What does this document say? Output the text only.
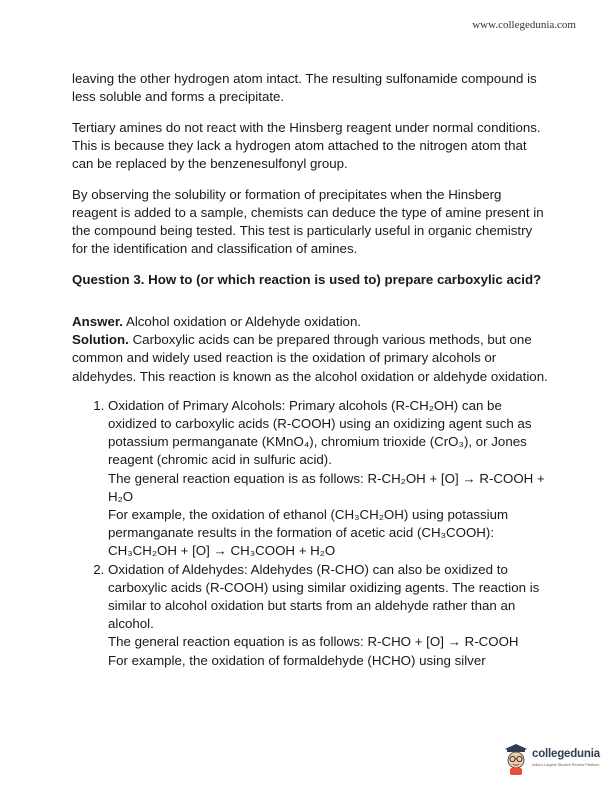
www.collegedunia.com

leaving the other hydrogen atom intact. The resulting sulfonamide compound is less soluble and forms a precipitate.

Tertiary amines do not react with the Hinsberg reagent under normal conditions. This is because they lack a hydrogen atom attached to the nitrogen atom that can be replaced by the benzenesulfonyl group.

By observing the solubility or formation of precipitates when the Hinsberg reagent is added to a sample, chemists can deduce the type of amine present in the compound being tested. This test is particularly useful in organic chemistry for the identification and classification of amines.

Question 3. How to (or which reaction is used to) prepare carboxylic acid?

Answer. Alcohol oxidation or Aldehyde oxidation.

Solution. Carboxylic acids can be prepared through various methods, but one common and widely used reaction is the oxidation of primary alcohols or aldehydes. This reaction is known as the alcohol oxidation or aldehyde oxidation.

1. Oxidation of Primary Alcohols: Primary alcohols (R-CH₂OH) can be oxidized to carboxylic acids (R-COOH) using an oxidizing agent such as potassium permanganate (KMnO₄), chromium trioxide (CrO₃), or Jones reagent (chromic acid in sulfuric acid).
The general reaction equation is as follows: R-CH₂OH + [O] → R-COOH + H₂O
For example, the oxidation of ethanol (CH₃CH₂OH) using potassium permanganate results in the formation of acetic acid (CH₃COOH): CH₃CH₂OH + [O] → CH₃COOH + H₂O
2. Oxidation of Aldehydes: Aldehydes (R-CHO) can also be oxidized to carboxylic acids (R-COOH) using similar oxidizing agents. The reaction is similar to alcohol oxidation but starts from an aldehyde rather than an alcohol.
The general reaction equation is as follows: R-CHO + [O] → R-COOH
For example, the oxidation of formaldehyde (HCHO) using silver
collegedunia
India's Largest Student Review Platform
